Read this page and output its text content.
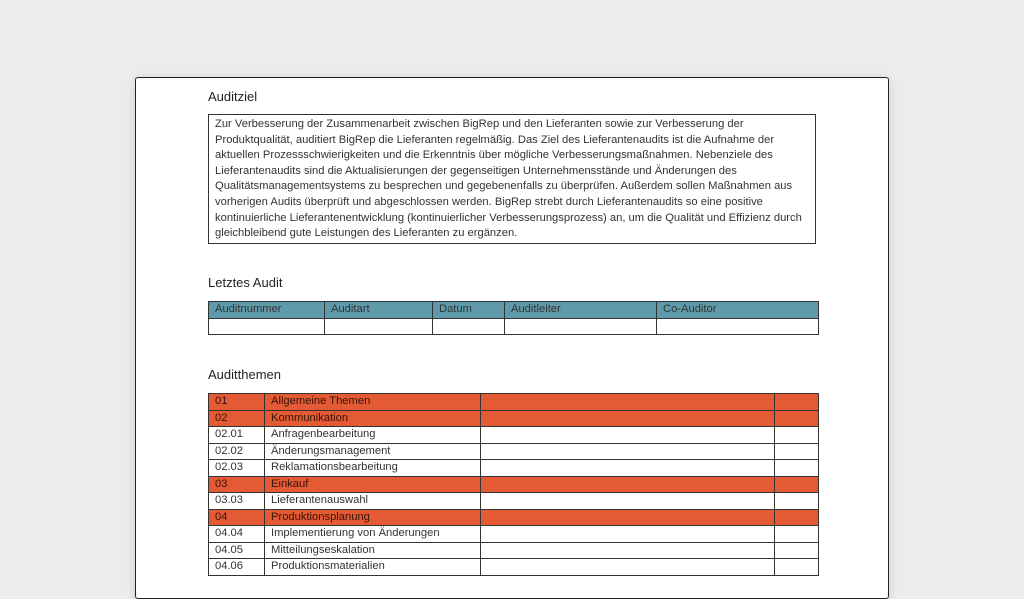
Auditziel
Zur Verbesserung der Zusammenarbeit zwischen BigRep und den Lieferanten sowie zur Verbesserung der Produktqualität, auditiert BigRep die Lieferanten regelmäßig. Das Ziel des Lieferantenaudits ist die Aufnahme der aktuellen Prozessschwierigkeiten und die Erkenntnis über mögliche Verbesserungsmaßnahmen. Nebenziele des Lieferantenaudits sind die Aktualisierungen der gegenseitigen Unternehmensstände und Änderungen des Qualitätsmanagementsystems zu besprechen und gegebenenfalls zu überprüfen. Außerdem sollen Maßnahmen aus vorherigen Audits überprüft und abgeschlossen werden. BigRep strebt durch Lieferantenaudits so eine positive kontinuierliche Lieferantenentwicklung (kontinuierlicher Verbesserungsprozess) an, um die Qualität und Effizienz durch gleichbleibend gute Leistungen des Lieferanten zu ergänzen.
Letztes Audit
Auditnummer	Auditart	Datum	Auditleiter	Co-Auditor

Auditthemen
01	Allgemeine Themen		
02	Kommunikation		
02.01	Anfragenbearbeitung		
02.02	Änderungsmanagement		
02.03	Reklamationsbearbeitung		
03	Einkauf		
03.03	Lieferantenauswahl		
04	Produktionsplanung		
04.04	Implementierung von Änderungen		
04.05	Mitteilungseskalation		
04.06	Produktionsmaterialien		
